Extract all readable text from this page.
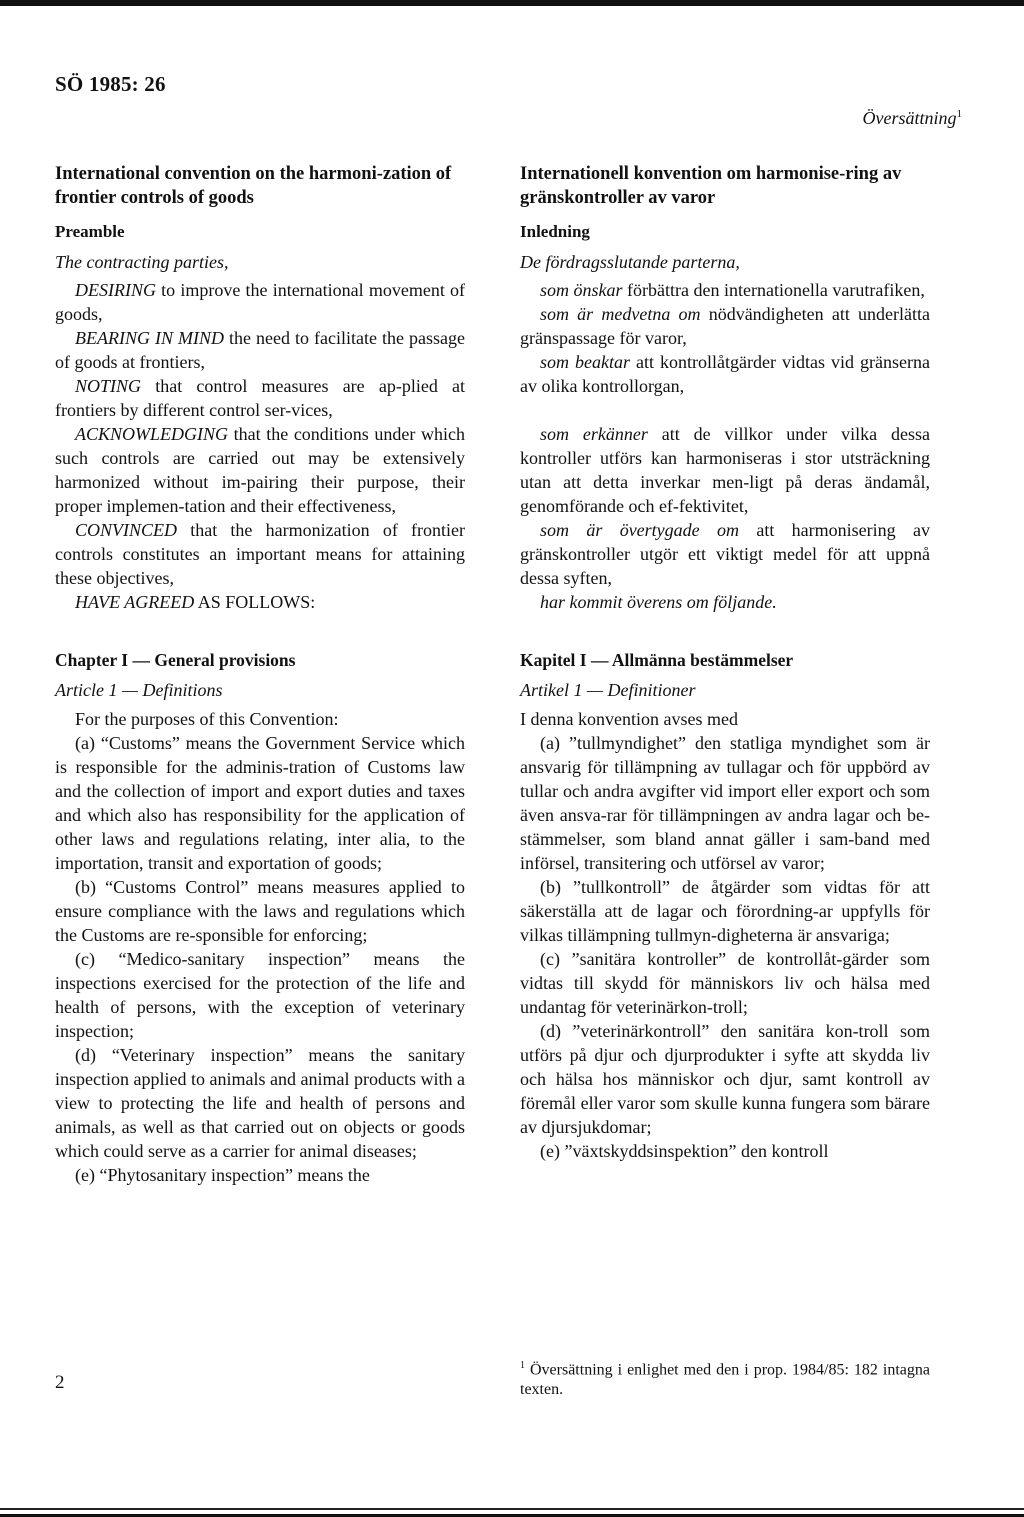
SÖ 1985: 26
Översättning$^1$

International convention on the harmoni-zation of frontier controls of goods

Preamble

The contracting parties,

DESIRING to improve the international movement of goods,

BEARING IN MIND the need to facilitate the passage of goods at frontiers,

NOTING that control measures are ap-plied at frontiers by different control ser-vices,

ACKNOWLEDGING that the conditions under which such controls are carried out may be extensively harmonized without im-pairing their purpose, their proper implemen-tation and their effectiveness,

CONVINCED that the harmonization of frontier controls constitutes an important means for attaining these objectives,

HAVE AGREED AS FOLLOWS:

Chapter I — General provisions

Article 1 — Definitions

For the purposes of this Convention:

(a) “Customs” means the Government Service which is responsible for the adminis-tration of Customs law and the collection of import and export duties and taxes and which also has responsibility for the application of other laws and regulations relating, inter alia, to the importation, transit and exportation of goods;

(b) “Customs Control” means measures applied to ensure compliance with the laws and regulations which the Customs are re-sponsible for enforcing;

(c) “Medico-sanitary inspection” means the inspections exercised for the protection of the life and health of persons, with the exception of veterinary inspection;

(d) “Veterinary inspection” means the sanitary inspection applied to animals and animal products with a view to protecting the life and health of persons and animals, as well as that carried out on objects or goods which could serve as a carrier for animal diseases;

(e) “Phytosanitary inspection” means the

Internationell konvention om harmonise-ring av gränskontroller av varor

Inledning

De fördragsslutande parterna,

som önskar förbättra den internationella varutrafiken,

som är medvetna om nödvändigheten att underlätta gränspassage för varor,

som beaktar att kontrollåtgärder vidtas vid gränserna av olika kontrollorgan,

som erkänner att de villkor under vilka dessa kontroller utförs kan harmoniseras i stor utsträckning utan att detta inverkar men-ligt på deras ändamål, genomförande och ef-fektivitet,

som är övertygade om att harmonisering av gränskontroller utgör ett viktigt medel för att uppnå dessa syften,

har kommit överens om följande.

Kapitel I — Allmänna bestämmelser

Artikel 1 — Definitioner

I denna konvention avses med

(a) ”tullmyndighet” den statliga myndighet som är ansvarig för tillämpning av tullagar och för uppbörd av tullar och andra avgifter vid import eller export och som även ansva-rar för tillämpningen av andra lagar och be-stämmelser, som bland annat gäller i sam-band med införsel, transitering och utförsel av varor;

(b) ”tullkontroll” de åtgärder som vidtas för att säkerställa att de lagar och förordning-ar uppfylls för vilkas tillämpning tullmyn-digheterna är ansvariga;

(c) ”sanitära kontroller” de kontrollåt-gärder som vidtas till skydd för människors liv och hälsa med undantag för veterinärkon-troll;

(d) ”veterinärkontroll” den sanitära kon-troll som utförs på djur och djurprodukter i syfte att skydda liv och hälsa hos människor och djur, samt kontroll av föremål eller varor som skulle kunna fungera som bärare av djursjukdomar;

(e) ”växtskyddsinspektion” den kontroll

2
$^1$ Översättning i enlighet med den i prop. 1984/85: 182 intagna texten.
